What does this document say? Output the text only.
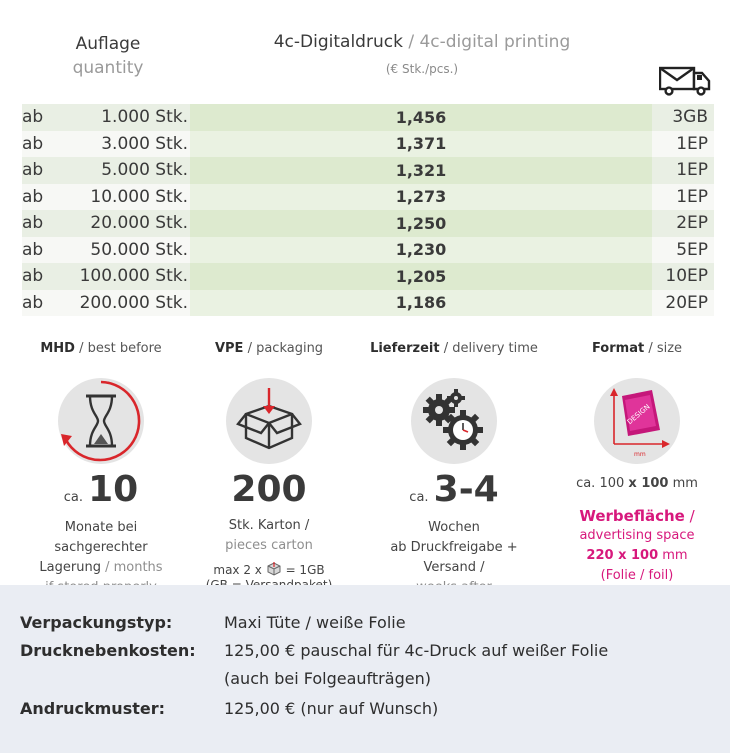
Auflage
quantity
4c-Digitaldruck / 4c-digital printing
(€ Stk./pcs.)
ab	1.000 Stk.	1,456	3GB
ab	3.000 Stk.	1,371	1EP
ab	5.000 Stk.	1,321	1EP
ab	10.000 Stk.	1,273	1EP
ab	20.000 Stk.	1,250	2EP
ab	50.000 Stk.	1,230	5EP
ab	100.000 Stk.	1,205	10EP
ab	200.000 Stk.	1,186	20EP
MHD / best before
ca. 10
Monate bei
sachgerechter
Lagerung / months
VPE / packaging
200
Stk. Karton /
pieces carton
max 2 x = 1GB
Lieferzeit / delivery time
ca. 3-4
Wochen
ab Druckfreigabe + Versand /
Format / size
DESIGN
mm
ca. 100 x 100 mm
Werbefläche /
advertising space
220 x 100 mm
(Folie / foil)
Verpackungstyp:	Maxi Tüte / weiße Folie
Drucknebenkosten:	125,00 € pauschal für 4c-Druck auf weißer Folie
(auch bei Folgeaufträgen)
Andruckmuster:	125,00 € (nur auf Wunsch)
